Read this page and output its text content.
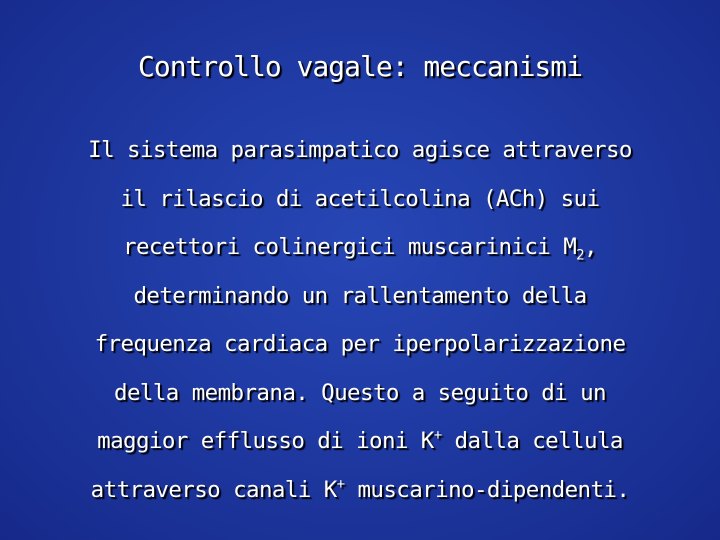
Controllo vagale: meccanismi
Il sistema parasimpatico agisce attraverso
il rilascio di acetilcolina (ACh) sui
recettori colinergici muscarinici $M_2$,
determinando un rallentamento della
frequenza cardiaca per iperpolarizzazione
della membrana. Questo a seguito di un
maggior efflusso di ioni K+ dalla cellula
attraverso canali K+ muscarino-dipendenti.
